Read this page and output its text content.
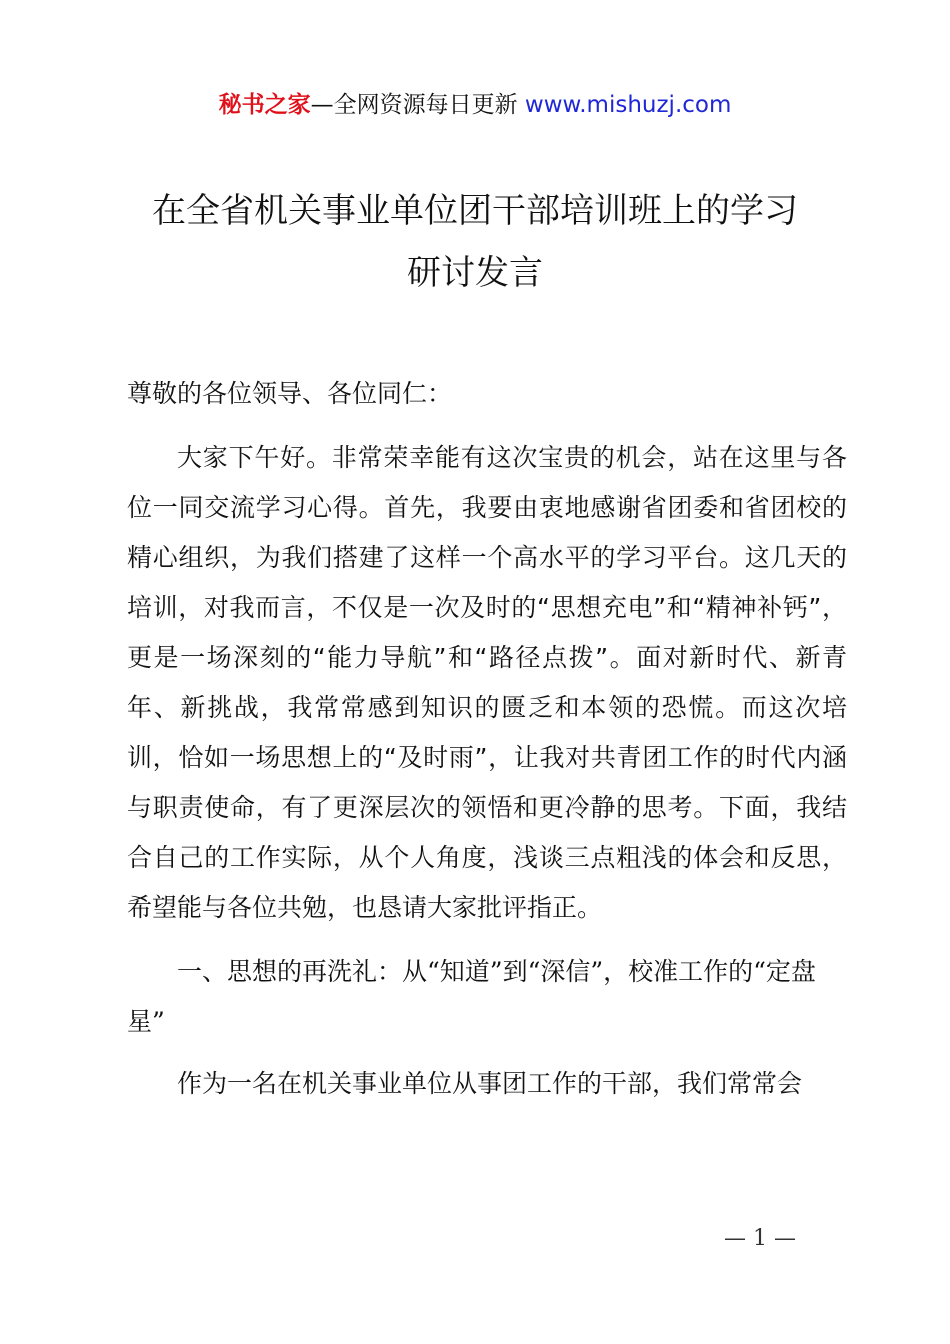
秘书之家—全网资源每日更新 www.mishuzj.com
在全省机关事业单位团干部培训班上的学习
研讨发言

尊敬的各位领导、各位同仁：

大家下午好。非常荣幸能有这次宝贵的机会，站在这里与各位一同交流学习心得。首先，我要由衷地感谢省团委和省团校的精心组织，为我们搭建了这样一个高水平的学习平台。这几天的培训，对我而言，不仅是一次及时的“思想充电”和“精神补钙”，更是一场深刻的“能力导航”和“路径点拨”。面对新时代、新青年、新挑战，我常常感到知识的匮乏和本领的恐慌。而这次培训，恰如一场思想上的“及时雨”，让我对共青团工作的时代内涵与职责使命，有了更深层次的领悟和更冷静的思考。下面，我结合自己的工作实际，从个人角度，浅谈三点粗浅的体会和反思，希望能与各位共勉，也恳请大家批评指正。

一、思想的再洗礼：从“知道”到“深信”，校准工作的“定盘星”

作为一名在机关事业单位从事团工作的干部，我们常常会

— 1 —
